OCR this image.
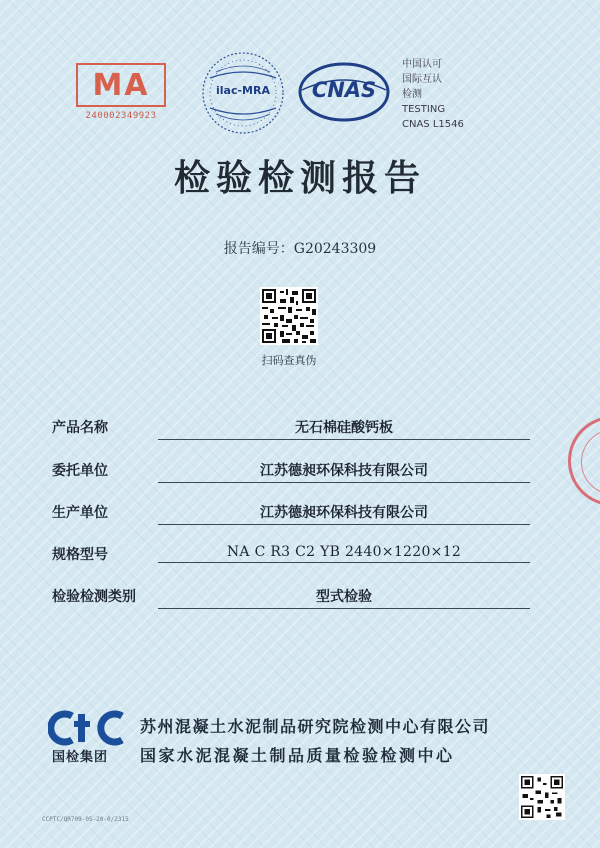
MA
240002349923
ilac-MRA	CNAS
中国认可
国际互认
检测
TESTING
CNAS L1546
检验检测报告
报告编号：G20243309
扫码查真伪
产品名称	无石棉硅酸钙板
委托单位	江苏德昶环保科技有限公司
生产单位	江苏德昶环保科技有限公司
规格型号	NA C R3 C2 YB 2440×1220×12
检验检测类别	型式检验
国检集团
苏州混凝土水泥制品研究院检测中心有限公司
国家水泥混凝土制品质量检验检测中心
CCPTC/QR709-05-20-0/2315
